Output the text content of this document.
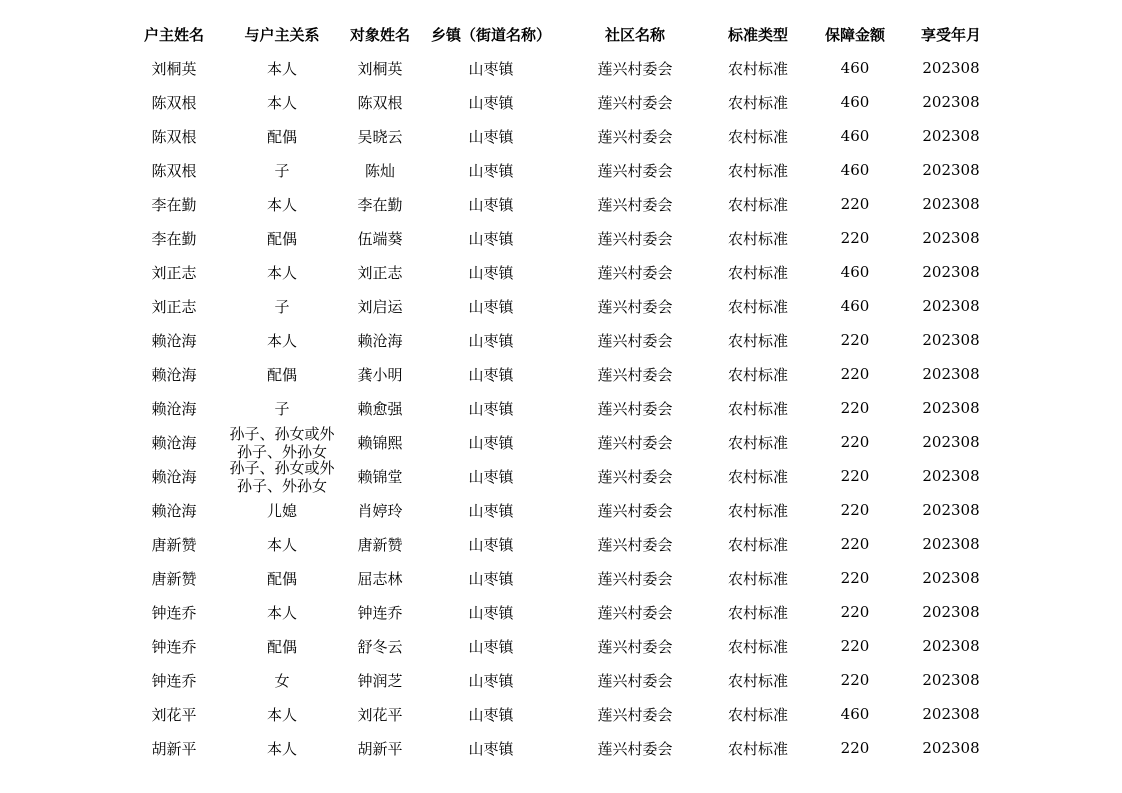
户主姓名	与户主关系	对象姓名	乡镇（街道名称）	社区名称	标准类型	保障金额	享受年月
刘桐英	本人	刘桐英	山枣镇	莲兴村委会	农村标准	460	202308
陈双根	本人	陈双根	山枣镇	莲兴村委会	农村标准	460	202308
陈双根	配偶	吴晓云	山枣镇	莲兴村委会	农村标准	460	202308
陈双根	子	陈灿	山枣镇	莲兴村委会	农村标准	460	202308
李在勤	本人	李在勤	山枣镇	莲兴村委会	农村标准	220	202308
李在勤	配偶	伍端葵	山枣镇	莲兴村委会	农村标准	220	202308
刘正志	本人	刘正志	山枣镇	莲兴村委会	农村标准	460	202308
刘正志	子	刘启运	山枣镇	莲兴村委会	农村标准	460	202308
赖沧海	本人	赖沧海	山枣镇	莲兴村委会	农村标准	220	202308
赖沧海	配偶	龚小明	山枣镇	莲兴村委会	农村标准	220	202308
赖沧海	子	赖愈强	山枣镇	莲兴村委会	农村标准	220	202308
赖沧海	孙子、孙女或外孙子、外孙女	赖锦熙	山枣镇	莲兴村委会	农村标准	220	202308
赖沧海	孙子、孙女或外孙子、外孙女	赖锦堂	山枣镇	莲兴村委会	农村标准	220	202308
赖沧海	儿媳	肖婷玲	山枣镇	莲兴村委会	农村标准	220	202308
唐新赞	本人	唐新赞	山枣镇	莲兴村委会	农村标准	220	202308
唐新赞	配偶	屈志林	山枣镇	莲兴村委会	农村标准	220	202308
钟连乔	本人	钟连乔	山枣镇	莲兴村委会	农村标准	220	202308
钟连乔	配偶	舒冬云	山枣镇	莲兴村委会	农村标准	220	202308
钟连乔	女	钟润芝	山枣镇	莲兴村委会	农村标准	220	202308
刘花平	本人	刘花平	山枣镇	莲兴村委会	农村标准	460	202308
胡新平	本人	胡新平	山枣镇	莲兴村委会	农村标准	220	202308
